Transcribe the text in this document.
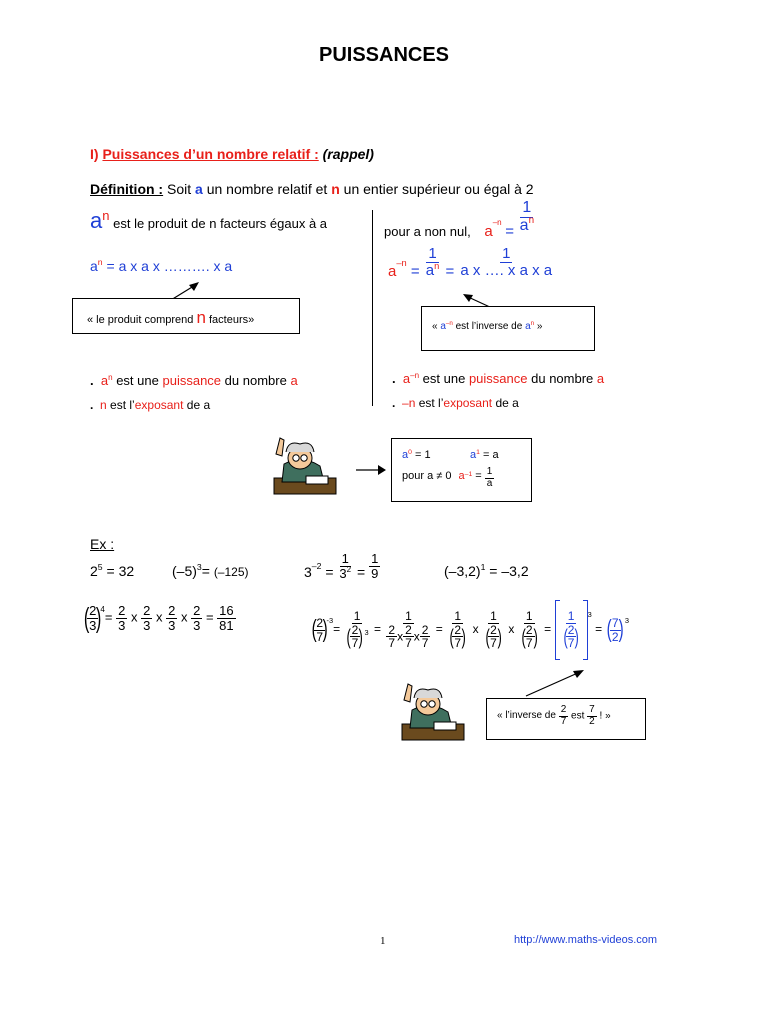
PUISSANCES
I) Puissances d’un nombre relatif : (rappel)
Définition : Soit a un nombre relatif et n un entier supérieur ou égal à 2
$a^n$ est le produit de n facteurs égaux à a
$a^n = a$ x a x ………. x a
« le produit comprend n facteurs»
. $a^n$ est une puissance du nombre a
. n est l’exposant de a
pour a non nul, $a^{-n} = \frac{1}{a^n}$
$a-n = \frac{1}{a^n} = \frac{1}{\text{a x …. x a x a}}$
« $a^{-n}$ est l’inverse de $a^n$ »
. $a^{-n}$ est une puissance du nombre a
. –n est l’exposant de a
$a^0 = 1$	$a^1 = a$
pour a ≠ 0 $a^{-1} = \frac{1}{a}$
Ex :
$2^5 = 32$	$(-5)^3= (-125)$	$3^{-2} = \frac{1}{3^2} = \frac{1}{9}$	$(-3,2)^1 = -3,2$
(
$\frac{2}{3}$
)$^4= \frac{2}{3}$ x $\frac{2}{3}$ x $\frac{2}{3}$ x $\frac{2}{3} = \frac{16}{81}$	(
$\frac{2}{7}$
)$^{-3}$= 1
(
$\frac{2}{7}$
)$^3 = \frac{1}{\frac{2}{7} x \frac{2}{7} x \frac{2}{7}} = 1$
(
$\frac{2}{7}$
) x 1
(
$\frac{2}{7}$
) x 1
(
$\frac{2}{7}$
) = 1
(
$\frac{2}{7}$
) $^3$ = (
$\frac{7}{2}$
) $^3$
« l’inverse de $\frac{2}{7}$ est $\frac{7}{2}$ ! »
1	http://www.maths-videos.com
